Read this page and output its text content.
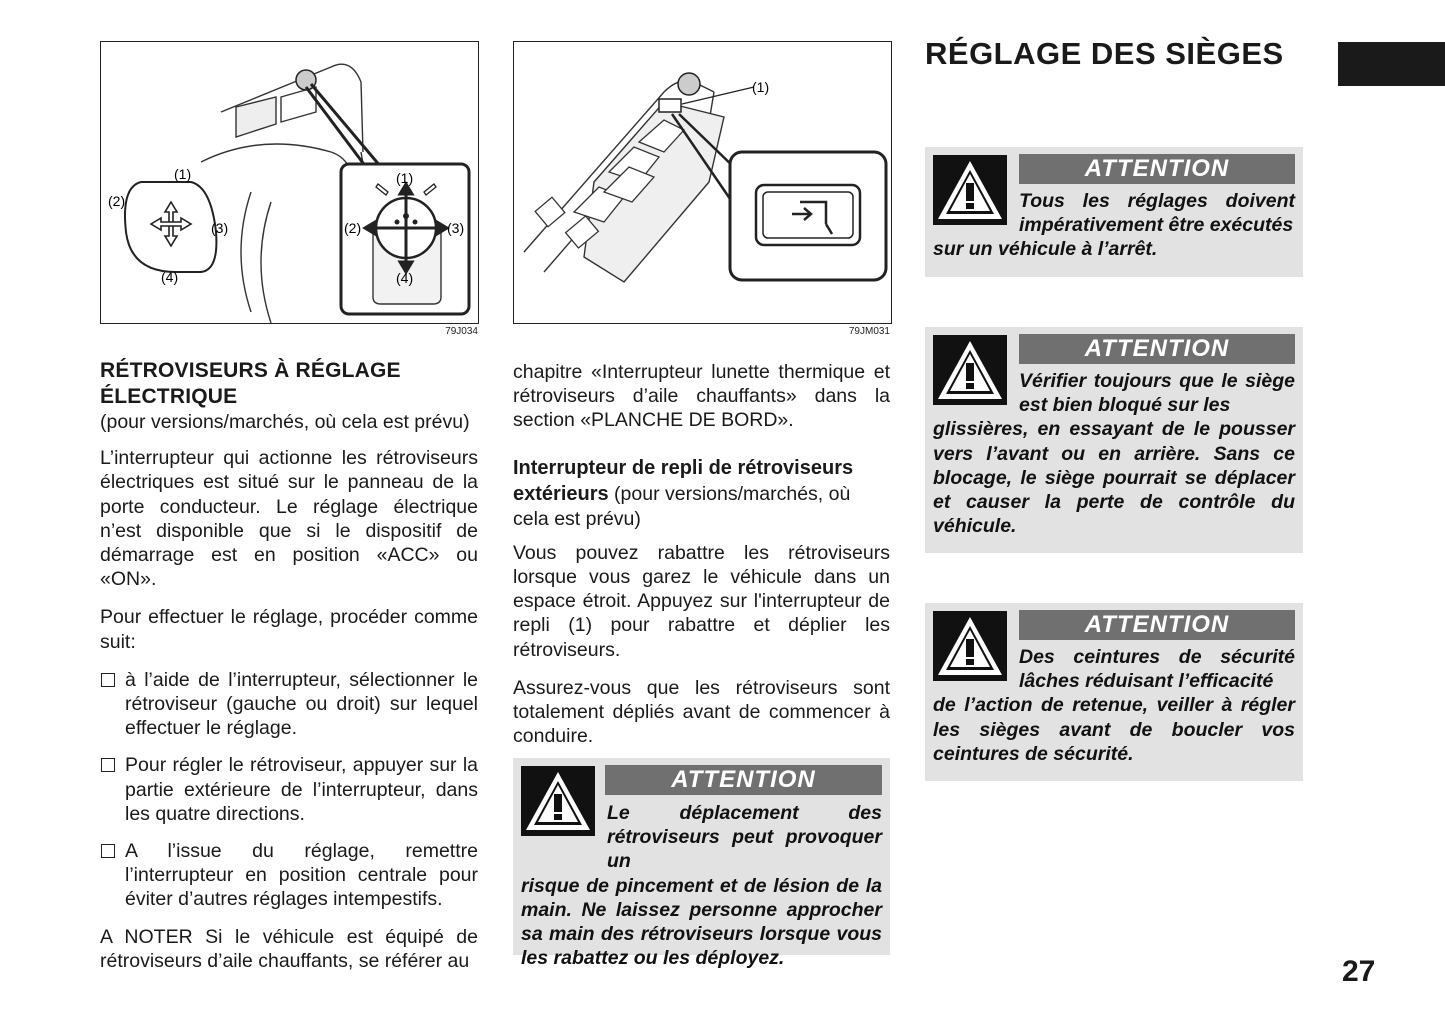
RÉGLAGE DES SIÈGES
(1)
(2)
(3)
(4)
(1)
(2)	(3)
(4)
79J034
(1)
79JM031
RÉTROVISEURS À RÉGLAGE ÉLECTRIQUE

(pour versions/marchés, où cela est prévu)

L’interrupteur qui actionne les rétroviseurs électriques est situé sur le panneau de la porte conducteur. Le réglage électrique n’est disponible que si le dispositif de démarrage est en position «ACC» ou «ON».

Pour effectuer le réglage, procéder comme suit:

à l’aide de l’interrupteur, sélectionner le rétroviseur (gauche ou droit) sur lequel effectuer le réglage.
Pour régler le rétroviseur, appuyer sur la partie extérieure de l’interrupteur, dans les quatre directions.
A l’issue du réglage, remettre l’interrupteur en position centrale pour éviter d’autres réglages intempestifs.

A NOTER Si le véhicule est équipé de rétroviseurs d’aile chauffants, se référer au

chapitre «Interrupteur lunette thermique et rétroviseurs d’aile chauffants» dans la section «PLANCHE DE BORD».

Interrupteur de repli de rétroviseurs extérieurs (pour versions/marchés, où cela est prévu)

Vous pouvez rabattre les rétroviseurs lorsque vous garez le véhicule dans un espace étroit. Appuyez sur l'interrupteur de repli (1) pour rabattre et déplier les rétroviseurs.

Assurez-vous que les rétroviseurs sont totalement dépliés avant de commencer à conduire.

ATTENTION
Le déplacement des rétroviseurs peut provoquer un
risque de pincement et de lésion de la main. Ne laissez personne approcher sa main des rétroviseurs lorsque vous les rabattez ou les déployez.
ATTENTION
Tous les réglages doivent impérativement être exécutés
sur un véhicule à l’arrêt.
ATTENTION
Vérifier toujours que le siège est bien bloqué sur les
glissières, en essayant de le pousser vers l’avant ou en arrière. Sans ce blocage, le siège pourrait se déplacer et causer la perte de contrôle du véhicule.
ATTENTION
Des ceintures de sécurité lâches réduisant l’efficacité
de l’action de retenue, veiller à régler les sièges avant de boucler vos ceintures de sécurité.
27
